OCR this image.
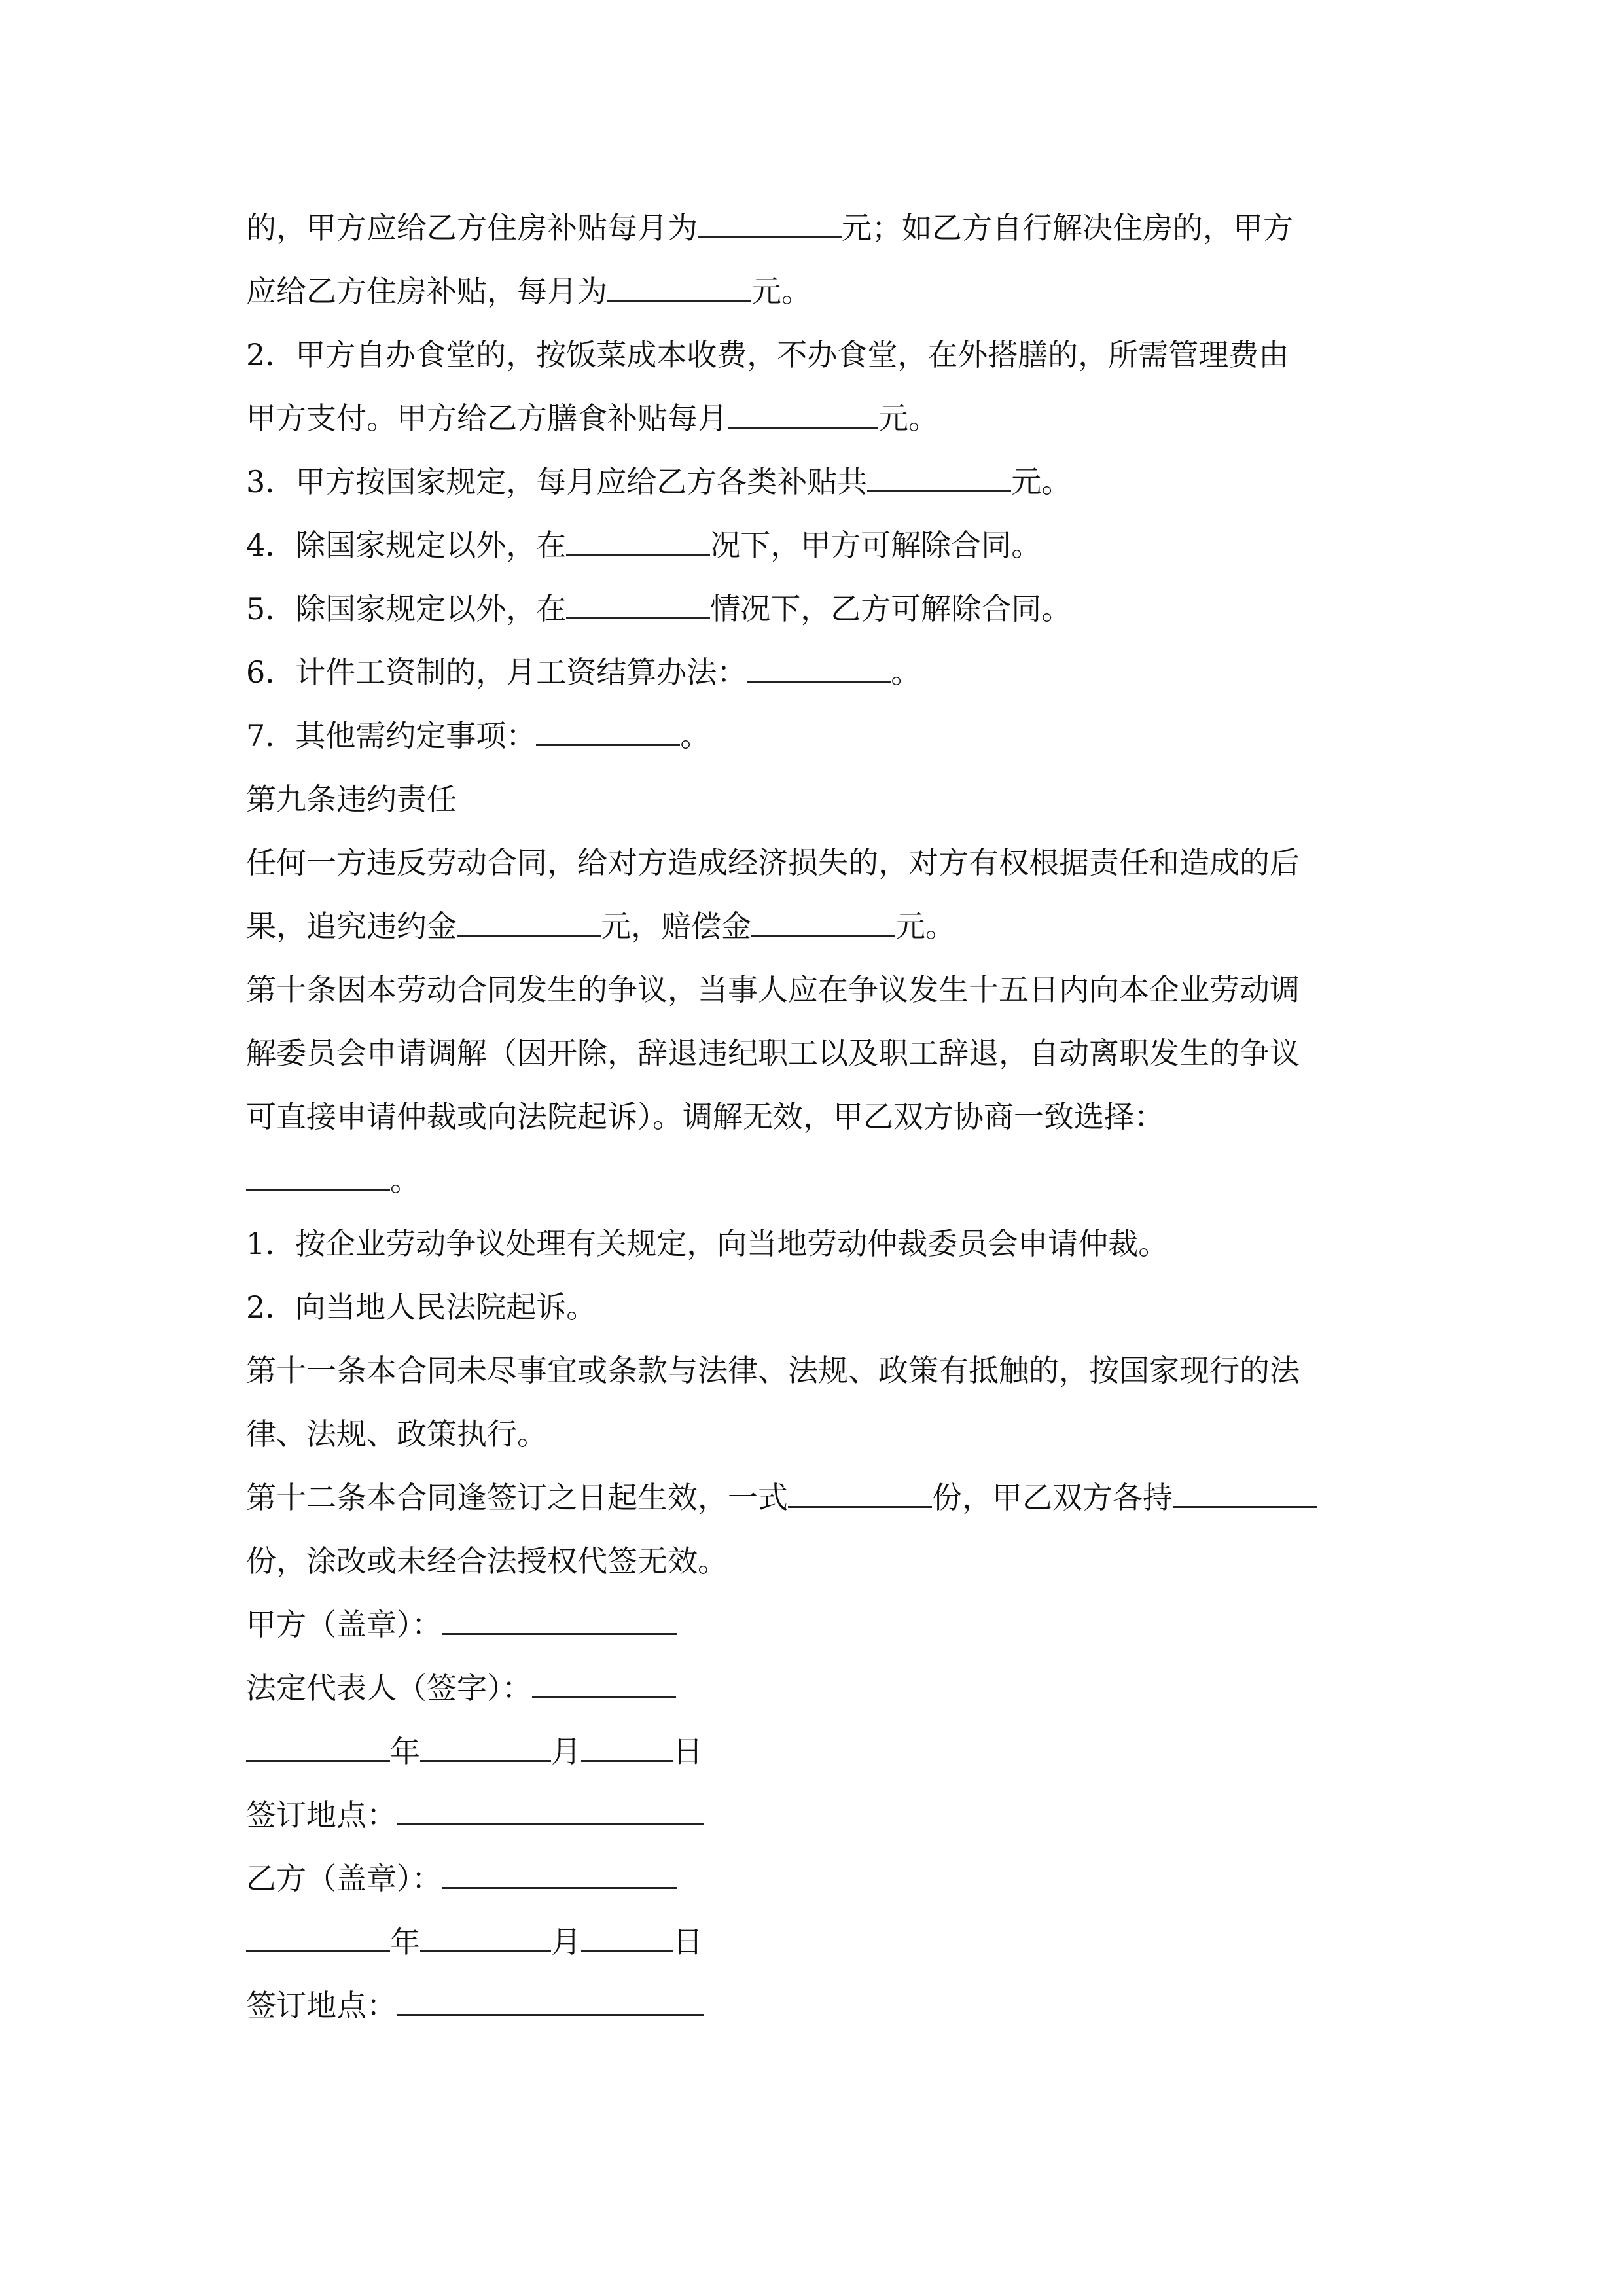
的，甲方应给乙方住房补贴每月为	元；如乙方自行解决住房的，甲方
应给乙方住房补贴，每月为	元。
2．甲方自办食堂的，按饭菜成本收费，不办食堂，在外搭膳的，所需管理费由
甲方支付。甲方给乙方膳食补贴每月	元。
3．甲方按国家规定，每月应给乙方各类补贴共	元。
4．除国家规定以外，在	况下，甲方可解除合同。
5．除国家规定以外，在	情况下，乙方可解除合同。
6．计件工资制的，月工资结算办法：	。
7．其他需约定事项：	。
第九条违约责任
任何一方违反劳动合同，给对方造成经济损失的，对方有权根据责任和造成的后
果，追究违约金	元，赔偿金	元。
第十条因本劳动合同发生的争议，当事人应在争议发生十五日内向本企业劳动调
解委员会申请调解（因开除，辞退违纪职工以及职工辞退，自动离职发生的争议
可直接申请仲裁或向法院起诉）。调解无效，甲乙双方协商一致选择：
。
1．按企业劳动争议处理有关规定，向当地劳动仲裁委员会申请仲裁。
2．向当地人民法院起诉。
第十一条本合同未尽事宜或条款与法律、法规、政策有抵触的，按国家现行的法
律、法规、政策执行。
第十二条本合同逢签订之日起生效，一式	份，甲乙双方各持
份，涂改或未经合法授权代签无效。
甲方（盖章）：
法定代表人（签字）：
年	月	日
签订地点：
乙方（盖章）：
年	月	日
签订地点：
